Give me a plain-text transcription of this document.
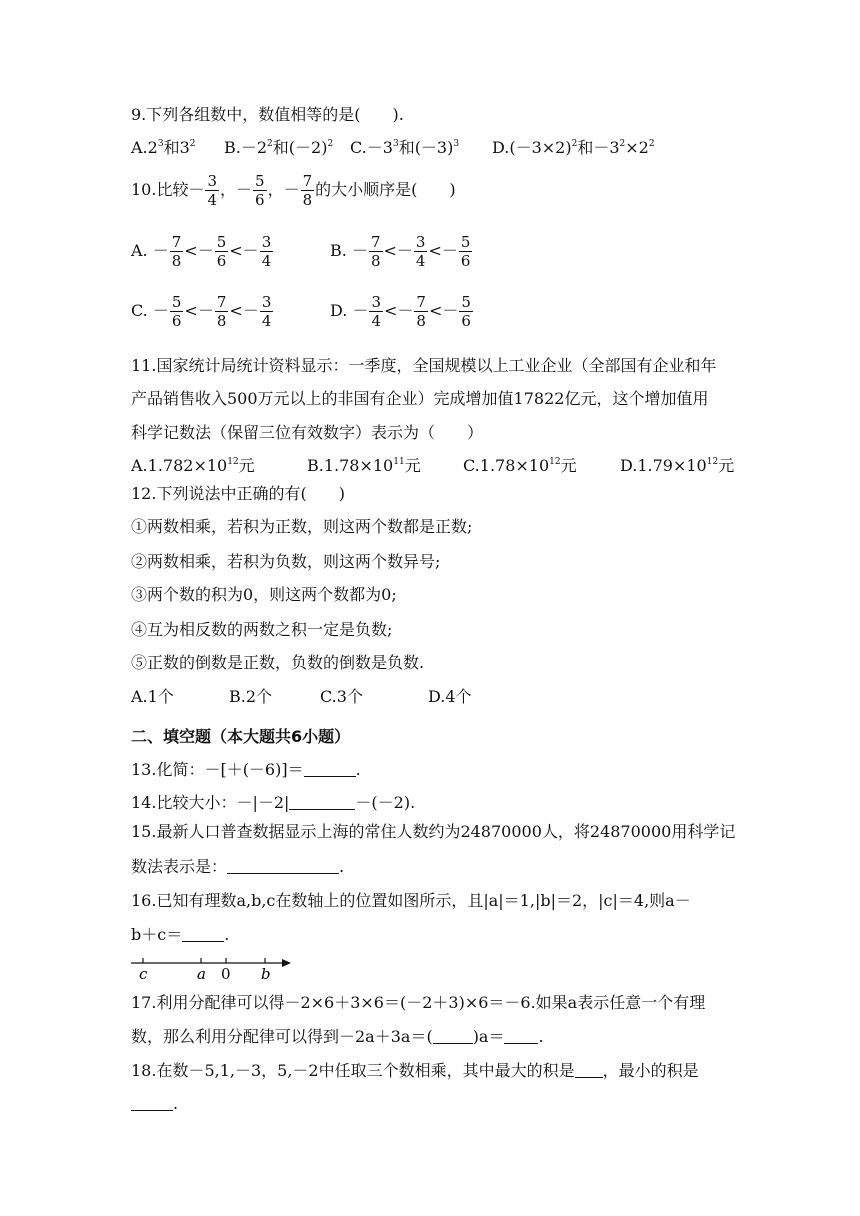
9.下列各组数中，数值相等的是(　　).
$A.2^3$和$3^2$ $B.-2^2$和$(-2)^2$ $C.-3^3$和$(-3)^3$ $D.(-3\times 2)^2$和$-3^2\times 2^2$
10.比较－ $\frac{3}{4}$ ，－ $\frac{5}{6}$ ，－ $\frac{7}{8}$ 的大小顺序是(　　)
A. － $\frac{7}{8} <- \frac{5}{6} <- \frac{3}{4}$	B. － $\frac{7}{8} <- \frac{3}{4} <- \frac{5}{6}$
C. － $\frac{5}{6} <- \frac{7}{8} <- \frac{3}{4}$	D. － $\frac{3}{4} <- \frac{7}{8} <- \frac{5}{6}$
11.国家统计局统计资料显示：一季度，全国规模以上工业企业（全部国有企业和年
产品销售收入500万元以上的非国有企业）完成增加值17822亿元，这个增加值用
科学记数法（保留三位有效数字）表示为（　　）
$A.1.782\times 10^{12}$元	$B.1.78\times 10^{11}$元	$C.1.78\times 10^{12}$元	$D.1.79\times 10^{12}$元
12.下列说法中正确的有(　　)
①两数相乘，若积为正数，则这两个数都是正数;
②两数相乘，若积为负数，则这两个数异号;
③两个数的积为0，则这两个数都为0;
④互为相反数的两数之积一定是负数;
⑤正数的倒数是正数，负数的倒数是负数.
A.1个	B.2个	C.3个	D.4个
二、填空题（本大题共6小题）
13.化简：－[＋(－6)]＝	.
14.比较大小：－|－2|	－(－2).
15.最新人口普查数据显示上海的常住人数约为24870000人，将24870000用科学记
数法表示是：	.
16.已知有理数a,b,c在数轴上的位置如图所示，且|a|＝1,|b|＝2，|c|＝4,则a－
b＋c＝	.
c	a 0 b
17.利用分配律可以得－2×6＋3×6＝(－2＋3)×6＝－6.如果a表示任意一个有理
数，那么利用分配律可以得到－2a＋3a＝(	)a＝ .
18.在数－5,1,－3，5,－2中任取三个数相乘，其中最大的积是 ，最小的积是
.
